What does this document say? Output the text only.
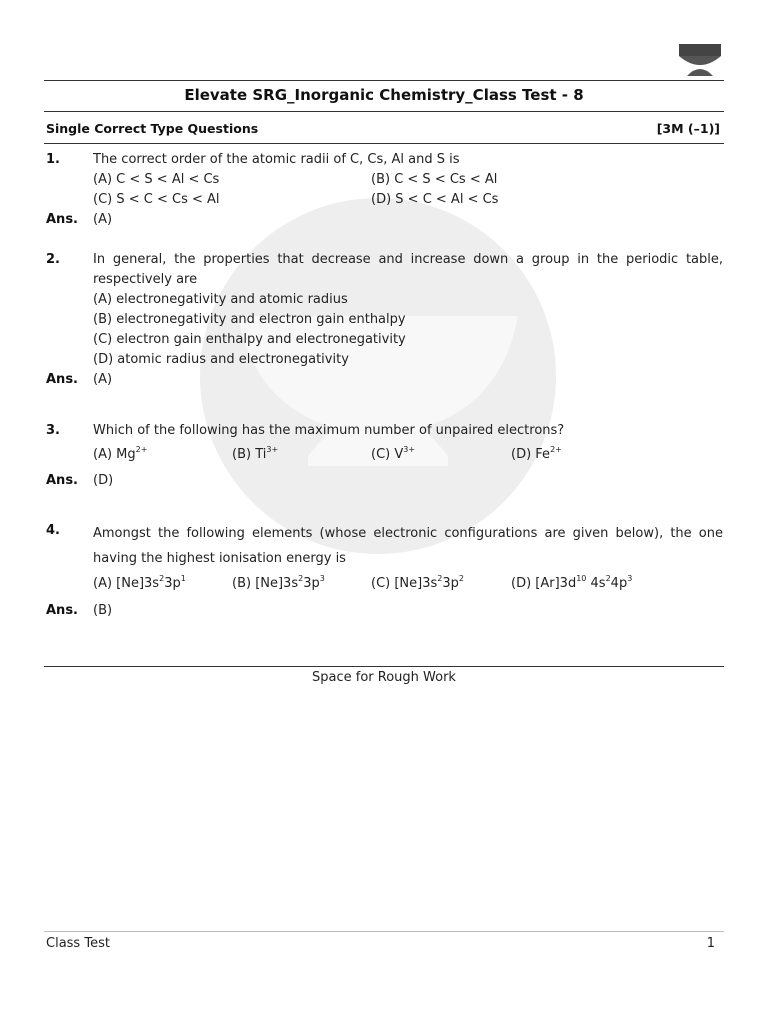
Elevate SRG_Inorganic Chemistry_Class Test - 8
Single Correct Type Questions	[3M (–1)]
1.	The correct order of the atomic radii of C, Cs, Al and S is
(A) C < S < Al < Cs	(B) C < S < Cs < Al
(C) S < C < Cs < Al	(D) S < C < Al < Cs
Ans. (A)
2.	In general, the properties that decrease and increase down a group in the periodic table, respectively are
(A) electronegativity and atomic radius
(B) electronegativity and electron gain enthalpy
(C) electron gain enthalpy and electronegativity
(D) atomic radius and electronegativity
Ans. (A)
3.	Which of the following has the maximum number of unpaired electrons?
(A) $Mg^{2+}$	(B) $Ti^{3+}$	(C) $V^{3+}$	(D) $Fe^{2+}$
Ans. (D)
4.	Amongst the following elements (whose electronic configurations are given below), the one having the highest ionisation energy is
(A) $[Ne]3s^23p^1$	(B) $[Ne]3s^23p^3$	(C) $[Ne]3s^23p^2$	(D) $[Ar]3d^{10}$ $4s^24p^3$
Ans. (B)
Space for Rough Work
Class Test	1
